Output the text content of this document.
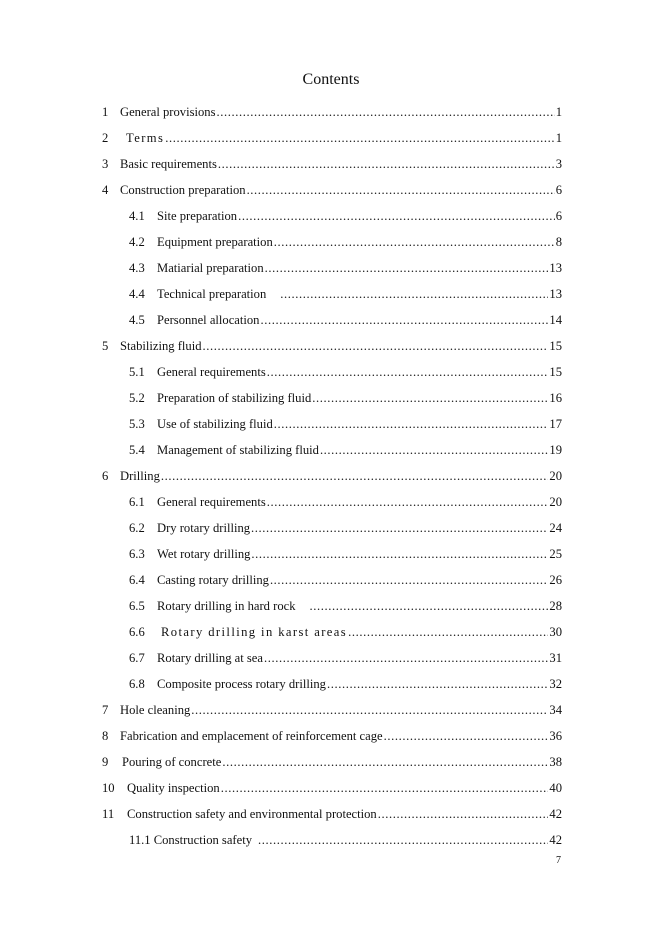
Contents
1 General provisions .....	1
2 Terms .....	1
3 Basic requirements .....	3
4 Construction preparation .....	6
4.1 Site preparation .....	6
4.2 Equipment preparation .....	8
4.3 Matiarial preparation .....	13
4.4 Technical preparation .....	13
4.5 Personnel allocation .....	14
5 Stabilizing fluid .....	15
5.1 General requirements .....	15
5.2 Preparation of stabilizing fluid .....	16
5.3 Use of stabilizing fluid .....	17
5.4 Management of stabilizing fluid .....	19
6 Drilling .....	20
6.1 General requirements .....	20
6.2 Dry rotary drilling .....	24
6.3 Wet rotary drilling .....	25
6.4 Casting rotary drilling .....	26
6.5 Rotary drilling in hard rock .....	28
6.6 Rotary drilling in karst areas .....	30
6.7 Rotary drilling at sea .....	31
6.8 Composite process rotary drilling .....	32
7 Hole cleaning .....	34
8 Fabrication and emplacement of reinforcement cage .....	36
9 Pouring of concrete .....	38
10 Quality inspection .....	40
11 Construction safety and environmental protection .....	42
11.1 Construction safety .....	42
7
